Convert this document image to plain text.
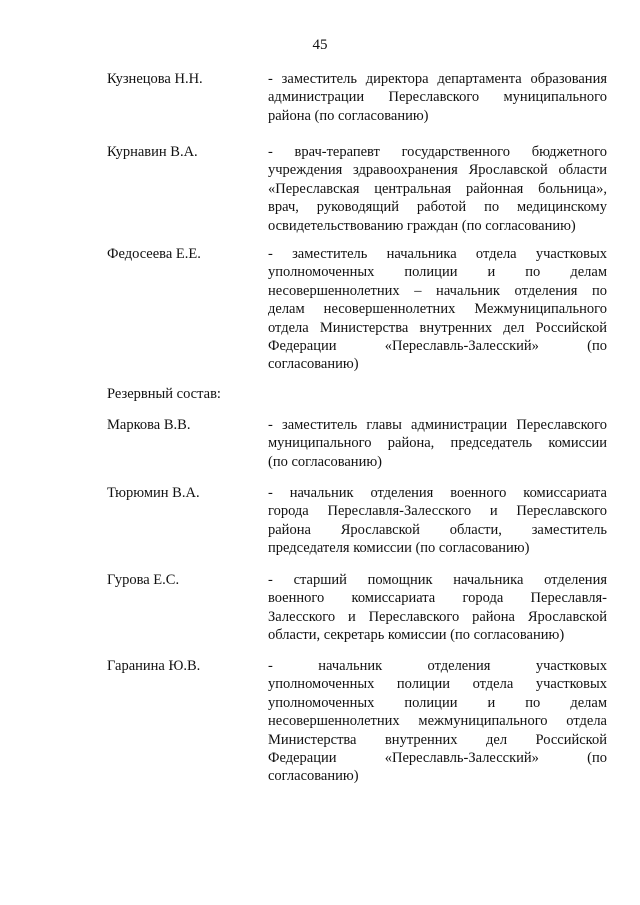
45
Кузнецова Н.Н.	- заместитель директора департамента образования
администрации Переславского муниципального
района (по согласованию)
Курнавин В.А.	- врач-терапевт государственного бюджетного
учреждения здравоохранения Ярославской области
«Переславская центральная районная больница»,
врач, руководящий работой по медицинскому
освидетельствованию граждан (по согласованию)
Федосеева Е.Е.	- заместитель начальника отдела участковых
уполномоченных полиции и по делам
несовершеннолетних – начальник отделения по
делам несовершеннолетних Межмуниципального
отдела Министерства внутренних дел Российской
Федерации «Переславль-Залесский» (по
согласованию)
Резервный состав:
Маркова В.В.	- заместитель главы администрации Переславского
муниципального района, председатель комиссии
(по согласованию)
Тюрюмин В.А.	- начальник отделения военного комиссариата
города Переславля-Залесского и Переславского
района Ярославской области, заместитель
председателя комиссии (по согласованию)
Гурова Е.С.	- старший помощник начальника отделения
военного комиссариата города Переславля-
Залесского и Переславского района Ярославской
области, секретарь комиссии (по согласованию)
Гаранина Ю.В.	- начальник отделения участковых
уполномоченных полиции отдела участковых
уполномоченных полиции и по делам
несовершеннолетних межмуниципального отдела
Министерства внутренних дел Российской
Федерации «Переславль-Залесский» (по
согласованию)
